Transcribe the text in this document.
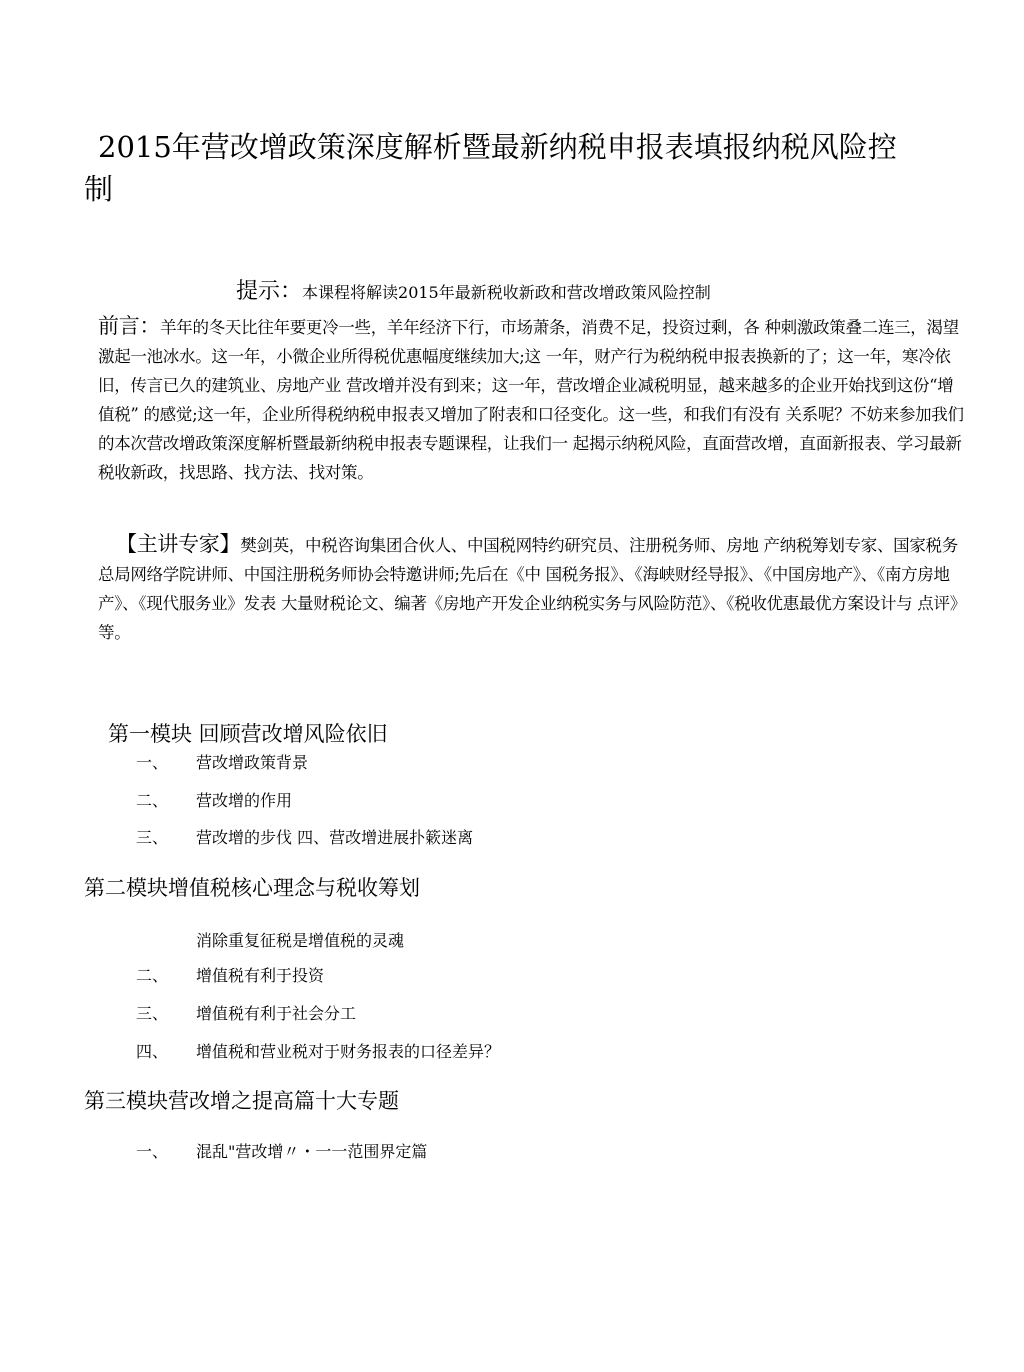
2015年营改增政策深度解析暨最新纳税申报表填报纳税风险控
制
提示：本课程将解读2015年最新税收新政和营改增政策风险控制
前言：羊年的冬天比往年要更冷一些，羊年经济下行，市场萧条，消费不足，投资过剩，各 种刺激政策叠二连三，渴望激起一池冰水。这一年，小微企业所得税优惠幅度继续加大;这 一年，财产行为税纳税申报表换新的了；这一年，寒冷依旧，传言已久的建筑业、房地产业 营改增并没有到来；这一年，营改增企业减税明显，越来越多的企业开始找到这份“增值税” 的感觉;这一年，企业所得税纳税申报表又增加了附表和口径变化。这一些，和我们有没有 关系呢？不妨来参加我们的本次营改增政策深度解析暨最新纳税申报表专题课程，让我们一 起揭示纳税风险，直面营改增，直面新报表、学习最新税收新政，找思路、找方法、找对策。
【主讲专家】樊剑英，中税咨询集团合伙人、中国税网特约研究员、注册税务师、房地 产纳税筹划专家、国家税务总局网络学院讲师、中国注册税务师协会特邀讲师;先后在《中 国税务报》、《海峡财经导报》、《中国房地产》、《南方房地产》、《现代服务业》发表 大量财税论文、编著《房地产开发企业纳税实务与风险防范》、《税收优惠最优方案设计与 点评》等。
第一模块 回顾营改增风险依旧
一、 营改增政策背景
二、 营改增的作用
三、 营改增的步伐 四、营改增进展扑簌迷离
第二模块增值税核心理念与税收筹划
消除重复征税是增值税的灵魂
二、 增值税有利于投资
三、 增值税有利于社会分工
四、 增值税和营业税对于财务报表的口径差异？
第三模块营改增之提高篇十大专题
一、 混乱"营改增〃・一一范围界定篇
